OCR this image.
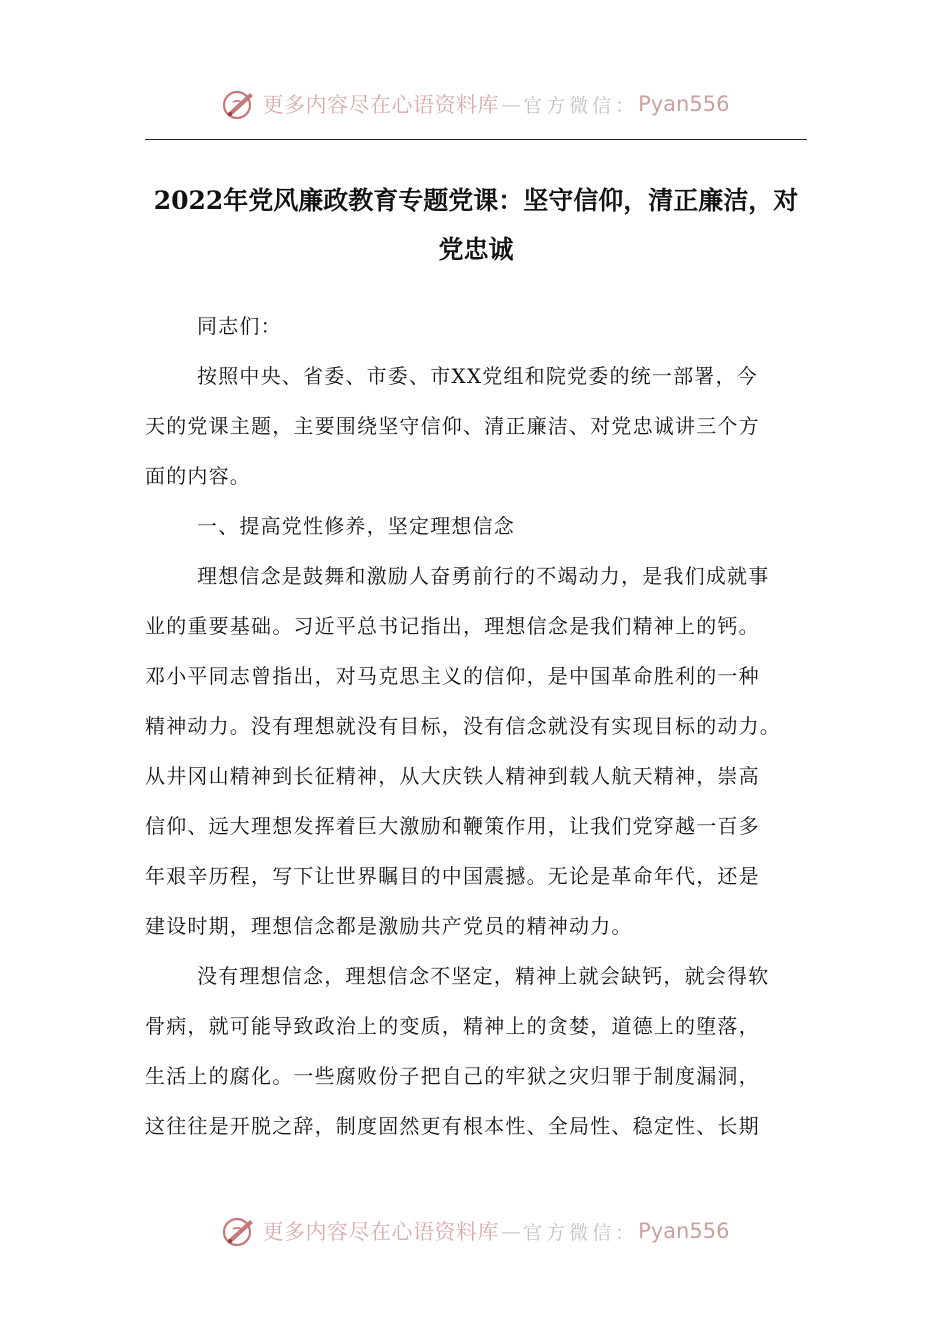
更多内容尽在心语资料库 — 官方微信： Pyan556
2022年党风廉政教育专题党课：坚守信仰，清正廉洁，对
党忠诚
同志们：
按照中央、省委、市委、市XX党组和院党委的统一部署，今
天的党课主题，主要围绕坚守信仰、清正廉洁、对党忠诚讲三个方
面的内容。
一、提高党性修养，坚定理想信念
理想信念是鼓舞和激励人奋勇前行的不竭动力，是我们成就事
业的重要基础。习近平总书记指出，理想信念是我们精神上的钙。
邓小平同志曾指出，对马克思主义的信仰，是中国革命胜利的一种
精神动力。没有理想就没有目标，没有信念就没有实现目标的动力。
从井冈山精神到长征精神，从大庆铁人精神到载人航天精神，崇高
信仰、远大理想发挥着巨大激励和鞭策作用，让我们党穿越一百多
年艰辛历程，写下让世界瞩目的中国震撼。无论是革命年代，还是
建设时期，理想信念都是激励共产党员的精神动力。
没有理想信念，理想信念不坚定，精神上就会缺钙，就会得软
骨病，就可能导致政治上的变质，精神上的贪婪，道德上的堕落，
生活上的腐化。一些腐败份子把自己的牢狱之灾归罪于制度漏洞，
这往往是开脱之辞，制度固然更有根本性、全局性、稳定性、长期
更多内容尽在心语资料库 — 官方微信： Pyan556
